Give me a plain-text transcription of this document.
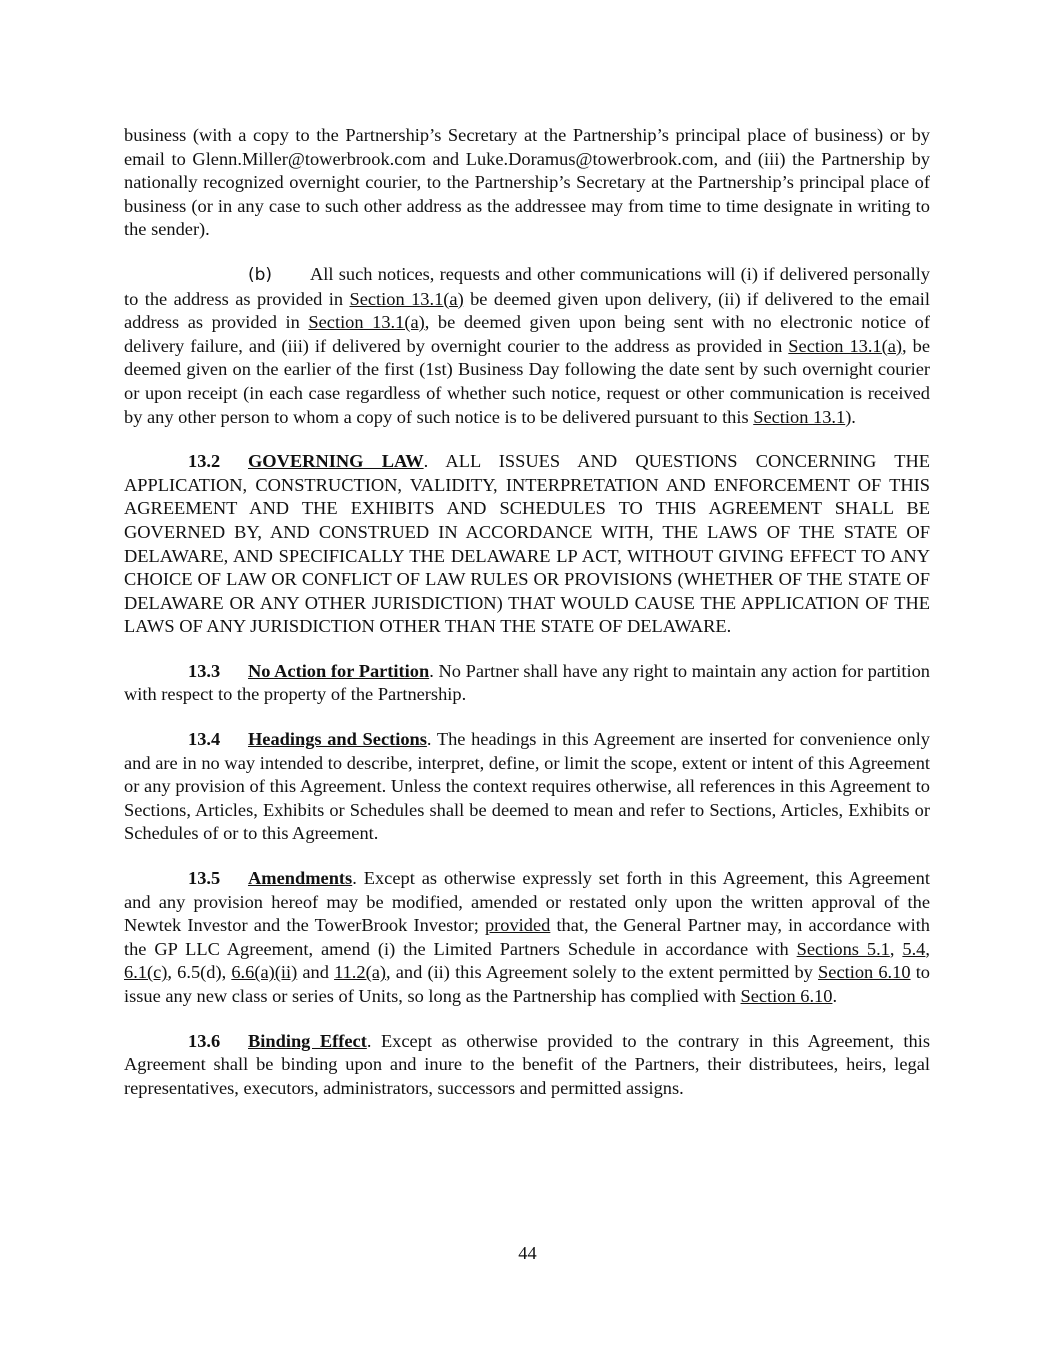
business (with a copy to the Partnership’s Secretary at the Partnership’s principal place of business) or by email to Glenn.Miller@towerbrook.com and Luke.Doramus@towerbrook.com, and (iii) the Partnership by nationally recognized overnight courier, to the Partnership’s Secretary at the Partnership’s principal place of business (or in any case to such other address as the addressee may from time to time designate in writing to the sender).

(b) All such notices, requests and other communications will (i) if delivered personally to the address as provided in Section 13.1(a) be deemed given upon delivery, (ii) if delivered to the email address as provided in Section 13.1(a), be deemed given upon being sent with no electronic notice of delivery failure, and (iii) if delivered by overnight courier to the address as provided in Section 13.1(a), be deemed given on the earlier of the first (1st) Business Day following the date sent by such overnight courier or upon receipt (in each case regardless of whether such notice, request or other communication is received by any other person to whom a copy of such notice is to be delivered pursuant to this Section 13.1).

13.2 GOVERNING LAW. ALL ISSUES AND QUESTIONS CONCERNING THE APPLICATION, CONSTRUCTION, VALIDITY, INTERPRETATION AND ENFORCEMENT OF THIS AGREEMENT AND THE EXHIBITS AND SCHEDULES TO THIS AGREEMENT SHALL BE GOVERNED BY, AND CONSTRUED IN ACCORDANCE WITH, THE LAWS OF THE STATE OF DELAWARE, AND SPECIFICALLY THE DELAWARE LP ACT, WITHOUT GIVING EFFECT TO ANY CHOICE OF LAW OR CONFLICT OF LAW RULES OR PROVISIONS (WHETHER OF THE STATE OF DELAWARE OR ANY OTHER JURISDICTION) THAT WOULD CAUSE THE APPLICATION OF THE LAWS OF ANY JURISDICTION OTHER THAN THE STATE OF DELAWARE.

13.3 No Action for Partition. No Partner shall have any right to maintain any action for partition with respect to the property of the Partnership.

13.4 Headings and Sections. The headings in this Agreement are inserted for convenience only and are in no way intended to describe, interpret, define, or limit the scope, extent or intent of this Agreement or any provision of this Agreement. Unless the context requires otherwise, all references in this Agreement to Sections, Articles, Exhibits or Schedules shall be deemed to mean and refer to Sections, Articles, Exhibits or Schedules of or to this Agreement.

13.5 Amendments. Except as otherwise expressly set forth in this Agreement, this Agreement and any provision hereof may be modified, amended or restated only upon the written approval of the Newtek Investor and the TowerBrook Investor; provided that, the General Partner may, in accordance with the GP LLC Agreement, amend (i) the Limited Partners Schedule in accordance with Sections 5.1, 5.4, 6.1(c), 6.5(d), 6.6(a)(ii) and 11.2(a), and (ii) this Agreement solely to the extent permitted by Section 6.10 to issue any new class or series of Units, so long as the Partnership has complied with Section 6.10.

13.6 Binding Effect. Except as otherwise provided to the contrary in this Agreement, this Agreement shall be binding upon and inure to the benefit of the Partners, their distributees, heirs, legal representatives, executors, administrators, successors and permitted assigns.

44
